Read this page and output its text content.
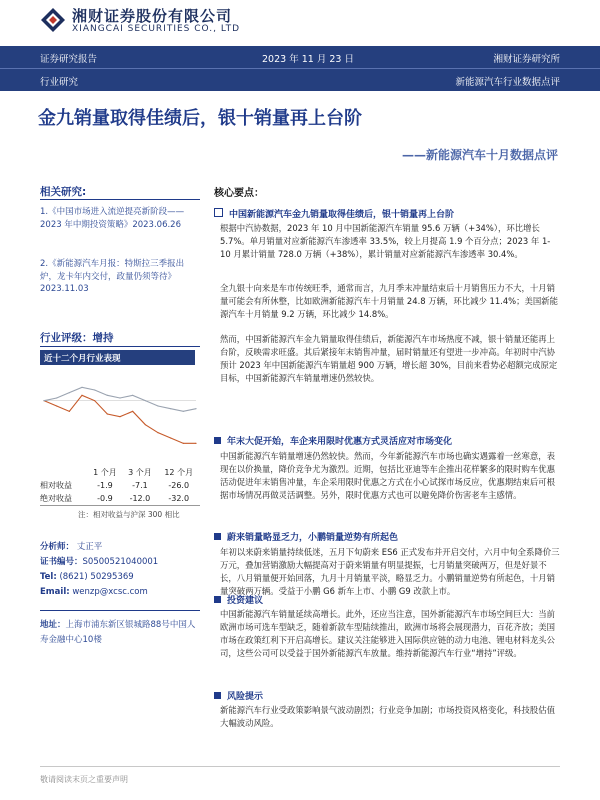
湘财证券股份有限公司
XIANGCAI SECURITIES CO., LTD
证券研究报告	2023 年 11 月 23 日	湘财证券研究所
行业研究	新能源汽车行业数据点评
金九销量取得佳绩后，银十销量再上台阶
——新能源汽车十月数据点评
相关研究:
1.《中国市场进入流逆提亮新阶段——2023 年中期投资策略》2023.06.26
2.《新能源汽车月报：特斯拉三季报出炉，龙卡年内交付，政量仍须等待》2023.11.03
行业评级：增持
近十二个月行业表现
	1 个月	3 个月	12 个月
相对收益	-1.9	-7.1	-26.0
绝对收益	-0.9	-12.0	-32.0
注：相对收益与沪深 300 相比
分析师： 丈正平
证书编号：S0500521040001
Tel: (8621) 50295369
Email: wenzp@xcsc.com
地址：上海市浦东新区银城路88号中国人寿金融中心10楼
核心要点：
中国新能源汽车金九销量取得佳绩后，银十销量再上台阶

根据中汽协数据，2023 年 10 月中国新能源汽车销量 95.6 万辆（+34%），环比增长 5.7%。单月销量对应新能源汽车渗透率 33.5%，较上月提高 1.9 个百分点；2023 年 1-10 月累计销量 728.0 万辆（+38%），累计销量对应新能源汽车渗透率 30.4%。

全九银十向来是车市传统旺季，通常而言，九月季末冲量结束后十月销售压力不大，十月销量可能会有所休整，比如欧洲新能源汽车十月销量 24.8 万辆，环比减少 11.4%；美国新能源汽车十月销量 9.2 万辆，环比减少 14.8%。

然而，中国新能源汽车金九销量取得佳绩后，新能源汽车市场热度不减，银十销量还能再上台阶，反映需求旺盛。其后紧接年末销售冲量，届时销量还有望进一步冲高。年初时中汽协预计 2023 年中国新能源汽车销量超 900 万辆，增长超 30%，目前来看势必超额完成原定目标，中国新能源汽车销量增速仍然较快。

年末大促开始，车企来用限时优惠方式灵活应对市场变化

中国新能源汽车销量增速仍然较快。然而，今年新能源汽车市场也确实遇露着一丝寒意，表现在以价换量，降价竞争尤为激烈。近期，包括比亚迪等车企推出花样繁多的限时购车优惠活动促进年末销售冲量，车企采用限时优惠之方式在小心试探市场反应，优惠期结束后可根据市场情况再做灵活调整。另外，限时优惠方式也可以避免降价伤害老车主感情。

蔚来销量略显乏力，小鹏销量逆势有所起色

年初以来蔚来销量持续低迷，五月下旬蔚来 ES6 正式发布并开启交付，六月中旬全系降价三万元，叠加营销激励大幅提高对于蔚来销量有明显提振，七月销量突破两万，但是好景不长，八月销量便开始回落，九月十月销量平淡，略显乏力。小鹏销量逆势有所起色，十月销量突破两万辆。受益于小鹏 G6 新车上市、小鹏 G9 改款上市。

投资建议

中国新能源汽车销量延续高增长。此外，还应当注意，国外新能源汽车市场空间巨大：当前欧洲市场可选车型缺乏，随着新款车型陆续推出，欧洲市场将会展现潜力，百花齐放；美国市场在政策红利下开启高增长。建议关注能够进入国际供应链的动力电池、锂电材料龙头公司，这些公司可以受益于国外新能源汽车放量。维持新能源汽车行业“增持”评级。

风险提示

新能源汽车行业受政策影响景气波动剧烈；行业竞争加剧；市场投资风格变化，科技股估值大幅波动风险。

敬请阅读末页之重要声明
